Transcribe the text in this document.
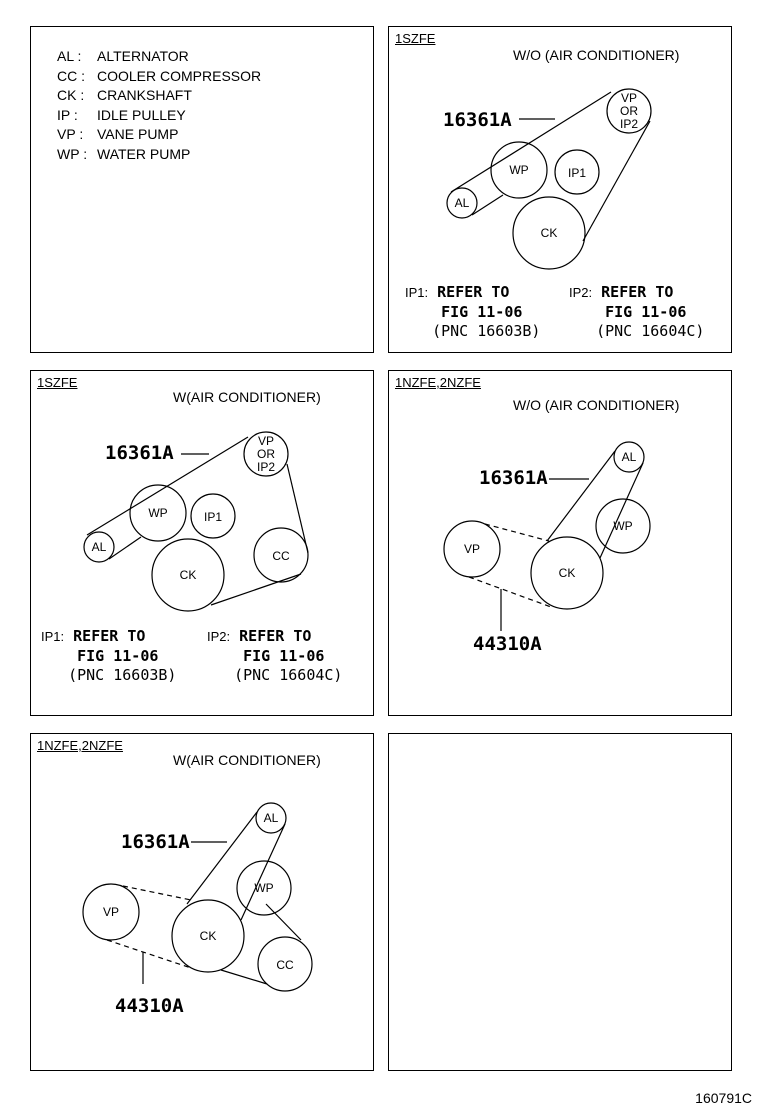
AL :	ALTERNATOR
CC : COOLER COMPRESSOR
CK : CRANKSHAFT
IP :	IDLE PULLEY
VP : VANE PUMP
WP : WATER PUMP
1SZFE
W/O (AIR CONDITIONER)
16361A
VP
OR
IP2
WP	IP1
AL
CK
IP1: REFER TO
FIG 11-06
(PNC 16603B)
IP2: REFER TO
FIG 11-06
(PNC 16604C)
1SZFE
W(AIR CONDITIONER)
16361A
VP
OR
IP2
WP	IP1
AL
CK
CC
IP1: REFER TO
FIG 11-06
(PNC 16603B)
IP2: REFER TO
FIG 11-06
(PNC 16604C)
1NZFE,2NZFE
W/O (AIR CONDITIONER)
16361A
44310A
AL
WP
VP
CK
1NZFE,2NZFE
W(AIR CONDITIONER)
16361A
44310A
AL
WP
VP
CK
CC
160791C
